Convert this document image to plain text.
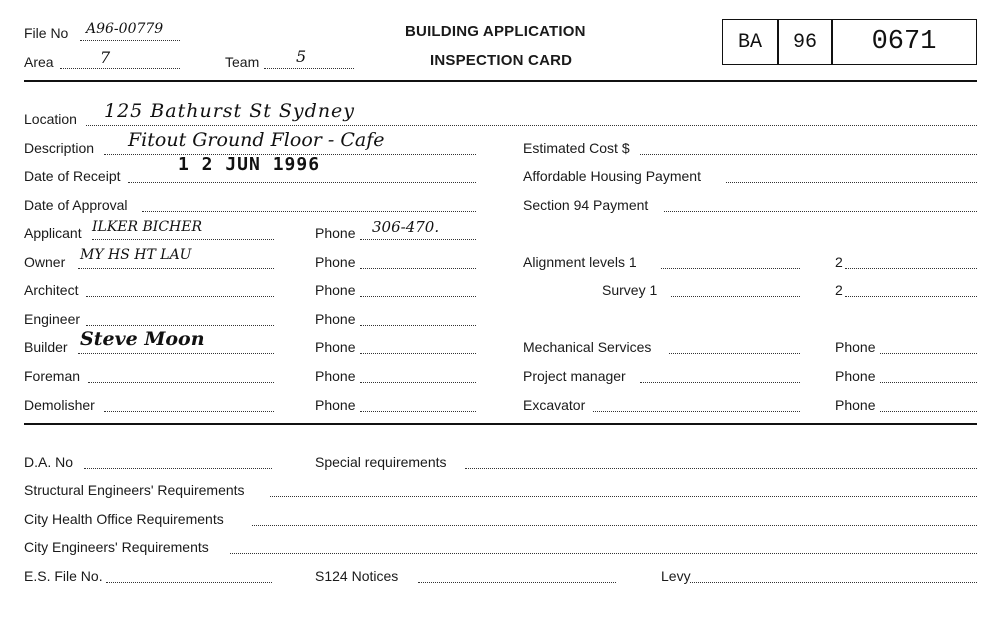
File No A96-00779
Area	7	Team 5
BUILDING APPLICATION
INSPECTION CARD
BA	96	0671
Location 125 Bathurst St Sydney
Description Fitout Ground Floor - Cafe
Date of Receipt
1 2 JUN 1996
Date of Approval
Applicant ILKER BICHER	Phone 306-470.
Owner MY HS HT LAU	Phone
Architect	Phone
Engineer	Phone
Builder Steve Moon	Phone
Foreman	Phone
Demolisher	Phone
Estimated Cost $
Affordable Housing Payment
Section 94 Payment
Alignment levels 1	2
Survey 1	2
Mechanical Services	Phone
Project manager	Phone
Excavator	Phone
D.A. No	Special requirements
Structural Engineers' Requirements
City Health Office Requirements
City Engineers' Requirements
E.S. File No.	S124 Notices	Levy
